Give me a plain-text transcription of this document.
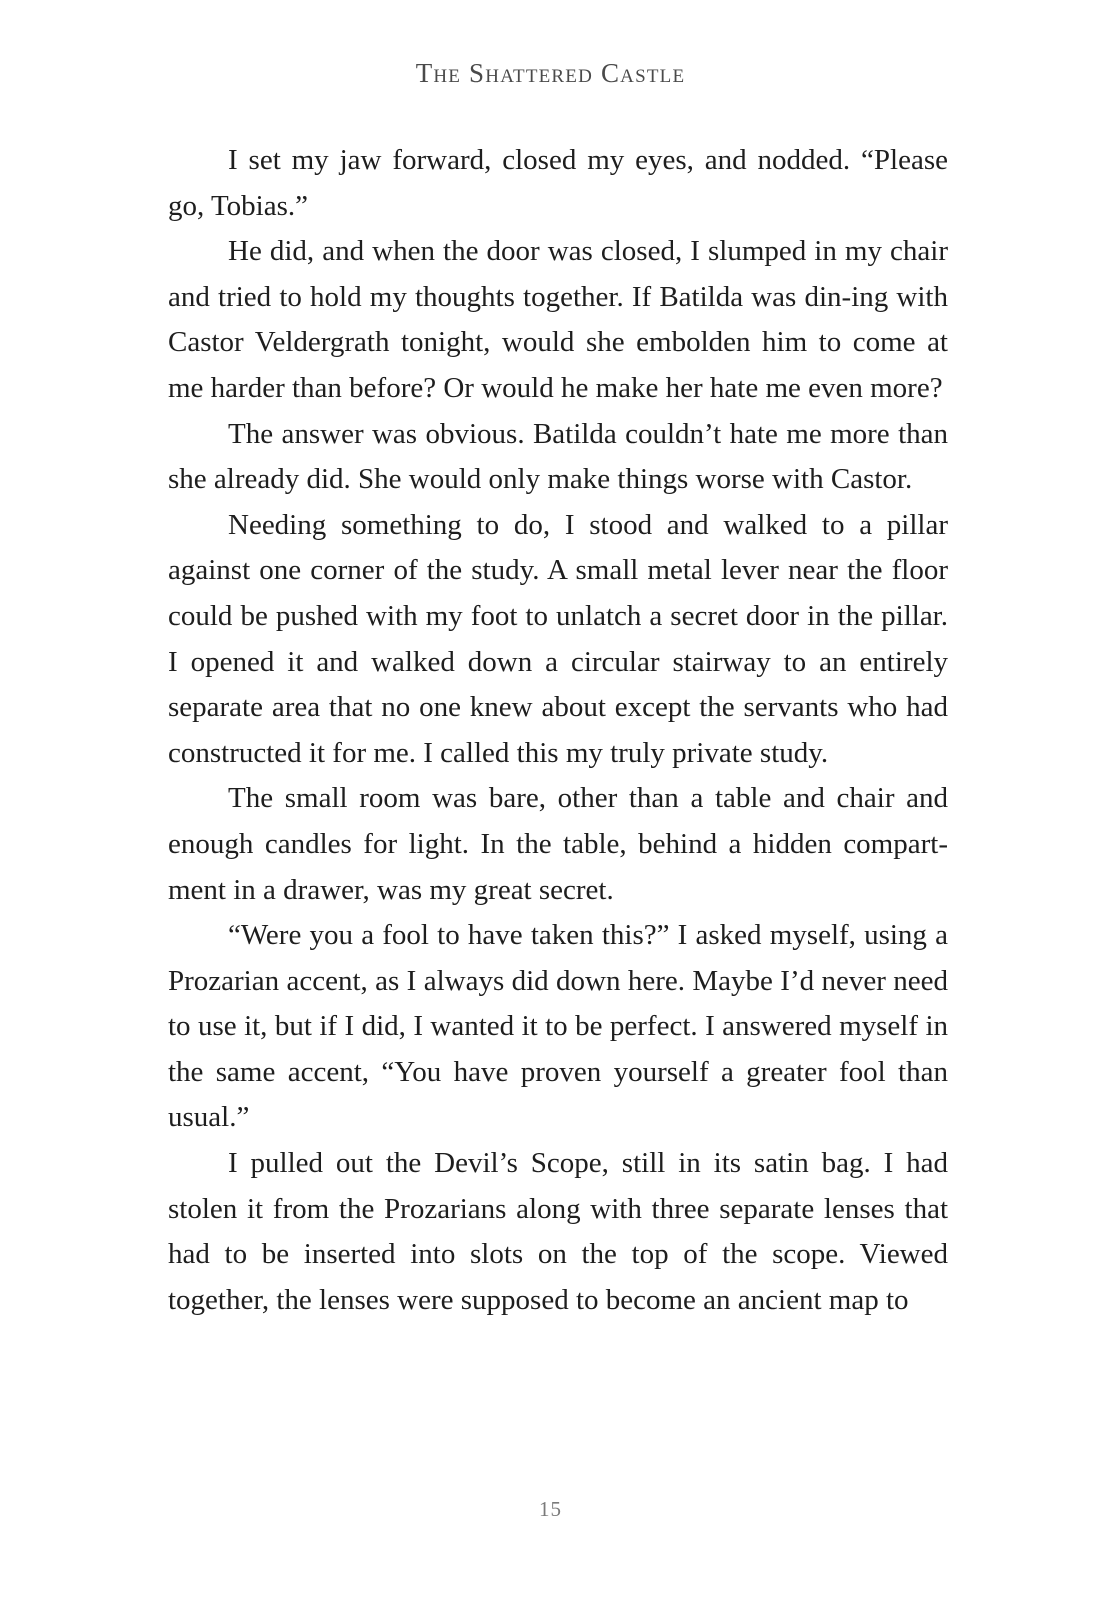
The Shattered Castle

I set my jaw forward, closed my eyes, and nodded. “Please go, Tobias.”

He did, and when the door was closed, I slumped in my chair and tried to hold my thoughts together. If Batilda was din-ing with Castor Veldergrath tonight, would she embolden him to come at me harder than before? Or would he make her hate me even more?

The answer was obvious. Batilda couldn’t hate me more than she already did. She would only make things worse with Castor.

Needing something to do, I stood and walked to a pillar against one corner of the study. A small metal lever near the floor could be pushed with my foot to unlatch a secret door in the pillar. I opened it and walked down a circular stairway to an entirely separate area that no one knew about except the servants who had constructed it for me. I called this my truly private study.

The small room was bare, other than a table and chair and enough candles for light. In the table, behind a hidden compart-ment in a drawer, was my great secret.

“Were you a fool to have taken this?” I asked myself, using a Prozarian accent, as I always did down here. Maybe I’d never need to use it, but if I did, I wanted it to be perfect. I answered myself in the same accent, “You have proven yourself a greater fool than usual.”

I pulled out the Devil’s Scope, still in its satin bag. I had stolen it from the Prozarians along with three separate lenses that had to be inserted into slots on the top of the scope. Viewed together, the lenses were supposed to become an ancient map to

15
